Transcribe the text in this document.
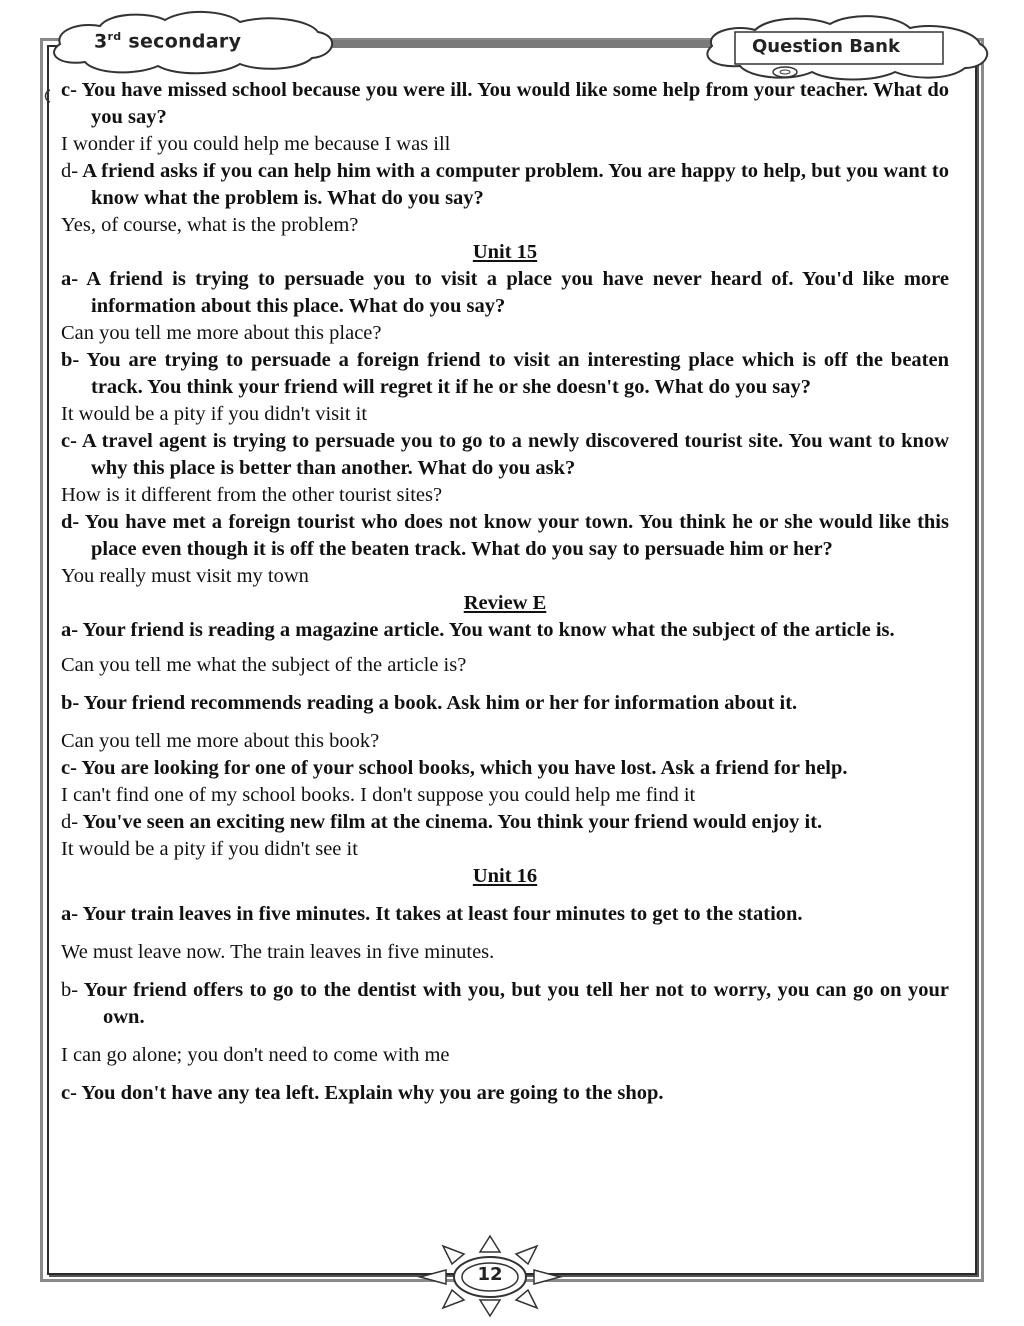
3rd secondary	Question Bank
c- You have missed school because you were ill. You would like some help from your teacher. What do you say?
I wonder if you could help me because I was ill
d- A friend asks if you can help him with a computer problem. You are happy to help, but you want to know what the problem is. What do you say?
Yes, of course, what is the problem?
Unit 15
a- A friend is trying to persuade you to visit a place you have never heard of. You'd like more information about this place. What do you say?
Can you tell me more about this place?
b- You are trying to persuade a foreign friend to visit an interesting place which is off the beaten track. You think your friend will regret it if he or she doesn't go. What do you say?
It would be a pity if you didn't visit it
c- A travel agent is trying to persuade you to go to a newly discovered tourist site. You want to know why this place is better than another. What do you ask?
How is it different from the other tourist sites?
d- You have met a foreign tourist who does not know your town. You think he or she would like this place even though it is off the beaten track. What do you say to persuade him or her?
You really must visit my town
Review E
a- Your friend is reading a magazine article. You want to know what the subject of the article is.
Can you tell me what the subject of the article is?
b- Your friend recommends reading a book. Ask him or her for information about it.
Can you tell me more about this book?
c- You are looking for one of your school books, which you have lost. Ask a friend for help.
I can't find one of my school books. I don't suppose you could help me find it
d- You've seen an exciting new film at the cinema. You think your friend would enjoy it.
It would be a pity if you didn't see it
Unit 16
a- Your train leaves in five minutes. It takes at least four minutes to get to the station.
We must leave now. The train leaves in five minutes.
b- Your friend offers to go to the dentist with you, but you tell her not to worry, you can go on your own.
I can go alone; you don't need to come with me
c- You don't have any tea left. Explain why you are going to the shop.
12
